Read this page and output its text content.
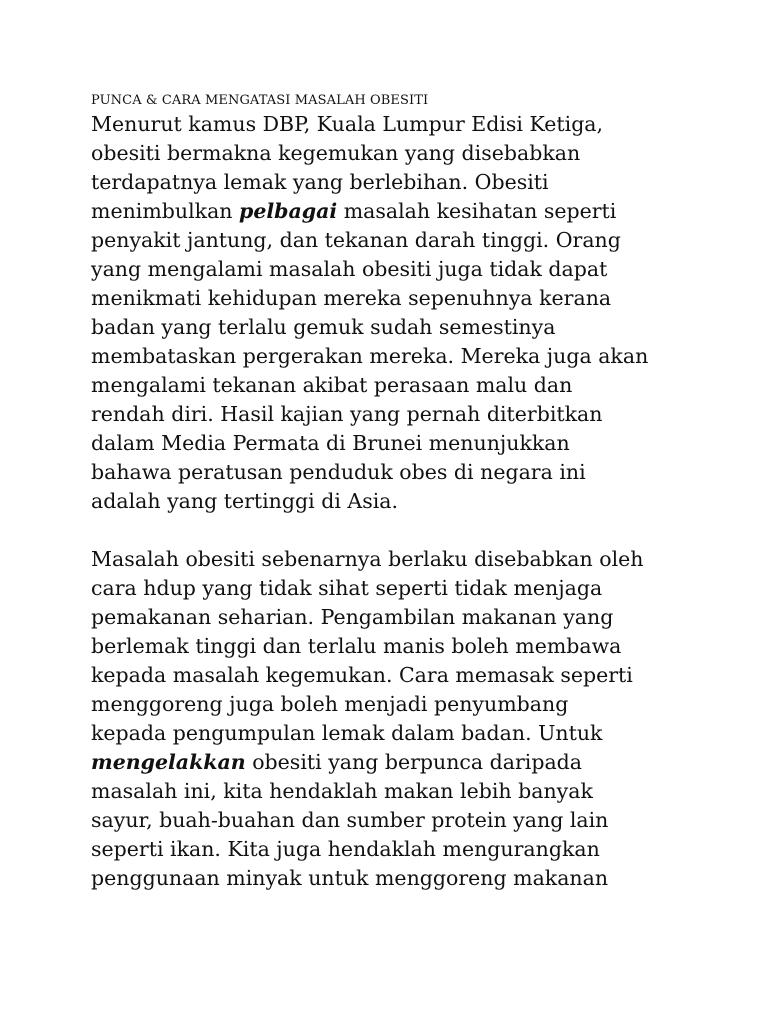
PUNCA & CARA MENGATASI MASALAH OBESITI

Menurut kamus DBP, Kuala Lumpur Edisi Ketiga,
obesiti bermakna kegemukan yang disebabkan
terdapatnya lemak yang berlebihan. Obesiti
menimbulkan pelbagai masalah kesihatan seperti
penyakit jantung, dan tekanan darah tinggi. Orang
yang mengalami masalah obesiti juga tidak dapat
menikmati kehidupan mereka sepenuhnya kerana
badan yang terlalu gemuk sudah semestinya
membataskan pergerakan mereka. Mereka juga akan
mengalami tekanan akibat perasaan malu dan
rendah diri. Hasil kajian yang pernah diterbitkan
dalam Media Permata di Brunei menunjukkan
bahawa peratusan penduduk obes di negara ini
adalah yang tertinggi di Asia.

Masalah obesiti sebenarnya berlaku disebabkan oleh
cara hdup yang tidak sihat seperti tidak menjaga
pemakanan seharian. Pengambilan makanan yang
berlemak tinggi dan terlalu manis boleh membawa
kepada masalah kegemukan. Cara memasak seperti
menggoreng juga boleh menjadi penyumbang
kepada pengumpulan lemak dalam badan. Untuk
mengelakkan obesiti yang berpunca daripada
masalah ini, kita hendaklah makan lebih banyak
sayur, buah-buahan dan sumber protein yang lain
seperti ikan. Kita juga hendaklah mengurangkan
penggunaan minyak untuk menggoreng makanan
